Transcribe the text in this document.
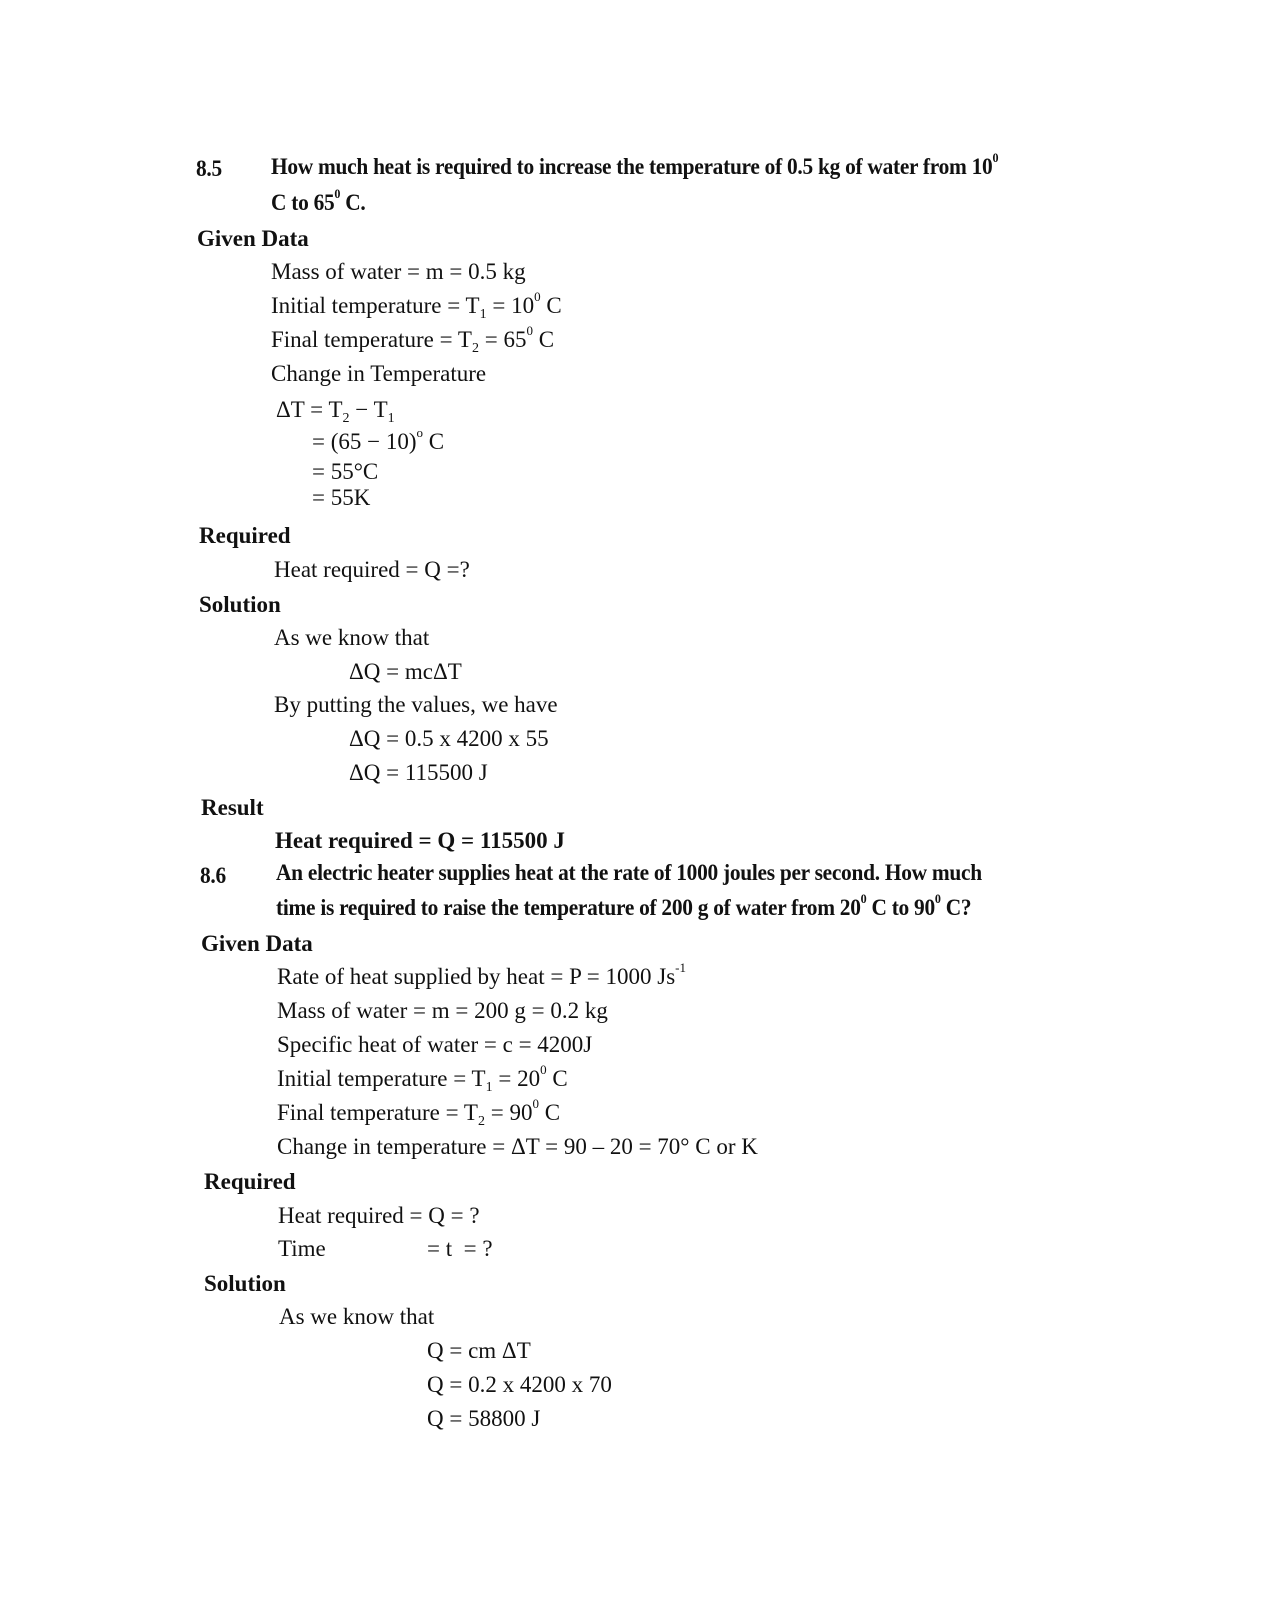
8.5 How much heat is required to increase the temperature of 0.5 kg of water from $10^0$
C to $65^0$ C.
Given Data
Mass of water = m = 0.5 kg
Initial temperature = $T_1 = 10^0$ C
Final temperature = $T_2 = 65^0$ C
Change in Temperature
$\Delta T = T_2 - T_1$
= $(65 - 10)^o$ C
= 55°C
= 55K
Required
Heat required = Q =?
Solution
As we know that
ΔQ = mcΔT
By putting the values, we have
ΔQ = 0.5 x 4200 x 55
ΔQ = 115500 J
Result
Heat required = Q = 115500 J
8.6 An electric heater supplies heat at the rate of 1000 joules per second. How much
time is required to raise the temperature of 200 g of water from $20^0$ C to $90^0$ C?
Given Data
Rate of heat supplied by heat = P = 1000 $Js^{-1}$
Mass of water = m = 200 g = 0.2 kg
Specific heat of water = c = 4200J
Initial temperature = $T_1 = 20^0$ C
Final temperature = $T_2 = 90^0$ C
Change in temperature = ΔT = 90 – 20 = 70° C or K
Required
Heat required = Q = ?
Time	= t  = ?
Solution
As we know that
Q = cm ΔT
Q = 0.2 x 4200 x 70
Q = 58800 J
